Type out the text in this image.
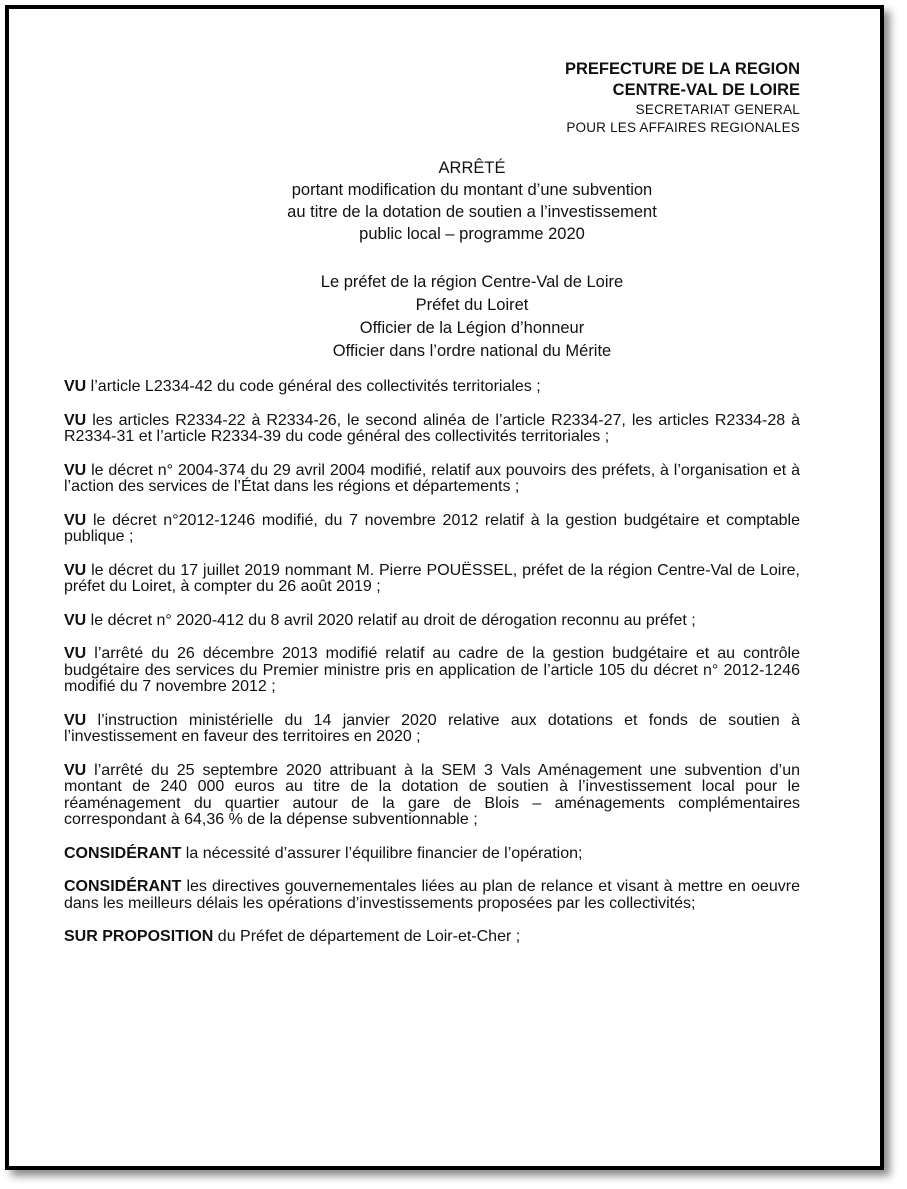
PREFECTURE DE LA REGION
CENTRE-VAL DE LOIRE
SECRETARIAT GENERAL
POUR LES AFFAIRES REGIONALES
ARRÊTÉ
portant modification du montant d’une subvention
au titre de la dotation de soutien a l’investissement
public local – programme 2020
Le préfet de la région Centre-Val de Loire
Préfet du Loiret
Officier de la Légion d’honneur
Officier dans l’ordre national du Mérite

VU l’article L2334-42 du code général des collectivités territoriales ;

VU les articles R2334-22 à R2334-26, le second alinéa de l’article R2334-27, les articles R2334-28 à R2334-31 et l’article R2334-39 du code général des collectivités territoriales ;

VU le décret n° 2004-374 du 29 avril 2004 modifié, relatif aux pouvoirs des préfets, à l’organisation et à l’action des services de l’État dans les régions et départements ;

VU le décret n°2012-1246 modifié, du 7 novembre 2012 relatif à la gestion budgétaire et comptable publique ;

VU le décret du 17 juillet 2019 nommant M. Pierre POUËSSEL, préfet de la région Centre-Val de Loire, préfet du Loiret, à compter du 26 août 2019 ;

VU le décret n° 2020-412 du 8 avril 2020 relatif au droit de dérogation reconnu au préfet ;

VU l’arrêté du 26 décembre 2013 modifié relatif au cadre de la gestion budgétaire et au contrôle budgétaire des services du Premier ministre pris en application de l’article 105 du décret n° 2012-1246 modifié du 7 novembre 2012 ;

VU l’instruction ministérielle du 14 janvier 2020 relative aux dotations et fonds de soutien à l’investissement en faveur des territoires en 2020 ;

VU l’arrêté du 25 septembre 2020 attribuant à la SEM 3 Vals Aménagement une subvention d’un montant de 240 000 euros au titre de la dotation de soutien à l’investissement local pour le réaménagement du quartier autour de la gare de Blois – aménagements complémentaires correspondant à 64,36 % de la dépense subventionnable ;

CONSIDÉRANT la nécessité d’assurer l’équilibre financier de l’opération;

CONSIDÉRANT les directives gouvernementales liées au plan de relance et visant à mettre en oeuvre dans les meilleurs délais les opérations d’investissements proposées par les collectivités;

SUR PROPOSITION du Préfet de département de Loir-et-Cher ;
